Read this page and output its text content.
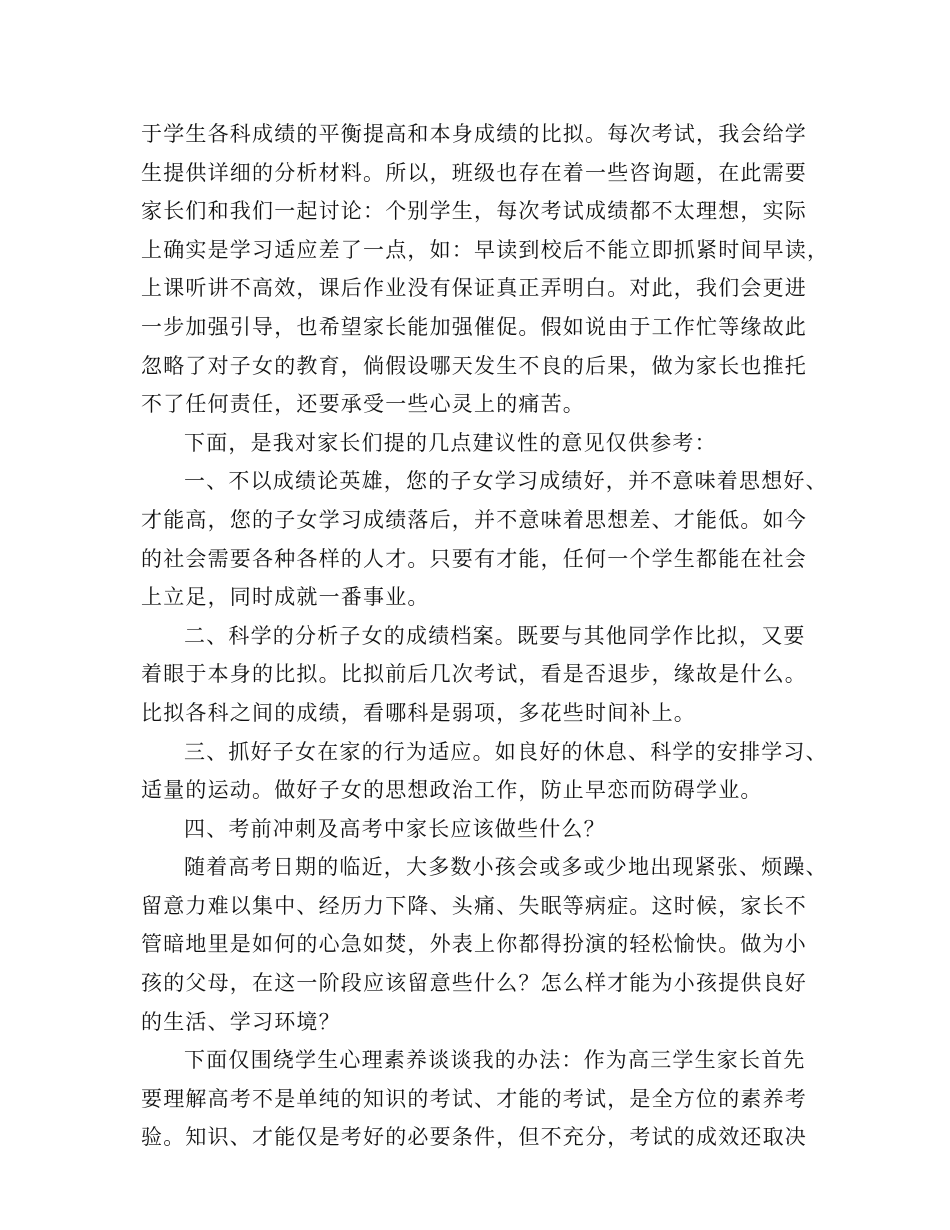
于学生各科成绩的平衡提高和本身成绩的比拟。每次考试，我会给学
生提供详细的分析材料。所以，班级也存在着一些咨询题，在此需要
家长们和我们一起讨论：个别学生，每次考试成绩都不太理想，实际
上确实是学习适应差了一点，如：早读到校后不能立即抓紧时间早读，
上课听讲不高效，课后作业没有保证真正弄明白。对此，我们会更进
一步加强引导，也希望家长能加强催促。假如说由于工作忙等缘故此
忽略了对子女的教育，倘假设哪天发生不良的后果，做为家长也推托
不了任何责任，还要承受一些心灵上的痛苦。
下面，是我对家长们提的几点建议性的意见仅供参考：
一、不以成绩论英雄，您的子女学习成绩好，并不意味着思想好、
才能高，您的子女学习成绩落后，并不意味着思想差、才能低。如今
的社会需要各种各样的人才。只要有才能，任何一个学生都能在社会
上立足，同时成就一番事业。
二、科学的分析子女的成绩档案。既要与其他同学作比拟，又要
着眼于本身的比拟。比拟前后几次考试，看是否退步，缘故是什么。
比拟各科之间的成绩，看哪科是弱项，多花些时间补上。
三、抓好子女在家的行为适应。如良好的休息、科学的安排学习、
适量的运动。做好子女的思想政治工作，防止早恋而防碍学业。
四、考前冲刺及高考中家长应该做些什么？
随着高考日期的临近，大多数小孩会或多或少地出现紧张、烦躁、
留意力难以集中、经历力下降、头痛、失眠等病症。这时候，家长不
管暗地里是如何的心急如焚，外表上你都得扮演的轻松愉快。做为小
孩的父母，在这一阶段应该留意些什么？怎么样才能为小孩提供良好
的生活、学习环境？
下面仅围绕学生心理素养谈谈我的办法：作为高三学生家长首先
要理解高考不是单纯的知识的考试、才能的考试，是全方位的素养考
验。知识、才能仅是考好的必要条件，但不充分，考试的成效还取决
